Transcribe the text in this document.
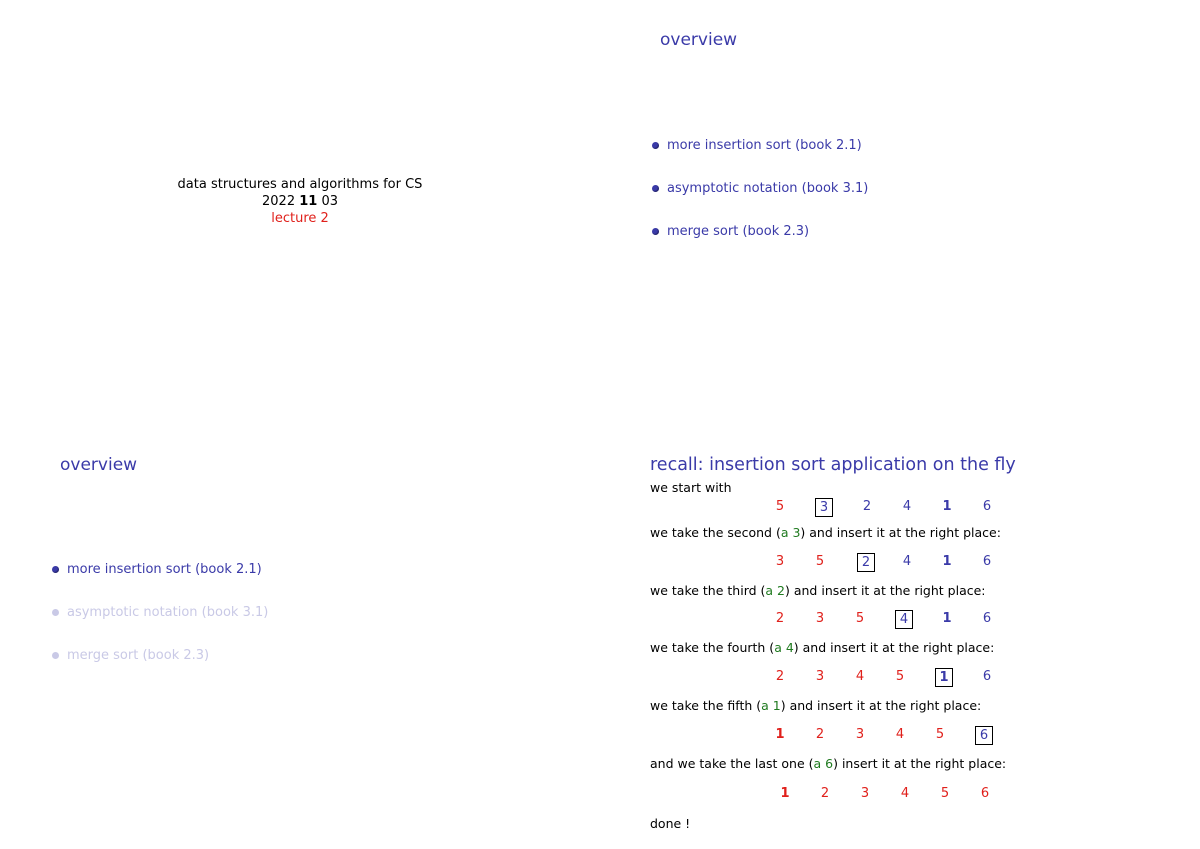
data structures and algorithms for CS
2022 11 03
lecture 2
overview
more insertion sort (book 2.1)
asymptotic notation (book 3.1)
merge sort (book 2.3)
overview
more insertion sort (book 2.1)
asymptotic notation (book 3.1)
merge sort (book 2.3)
recall: insertion sort application on the fly
we start with
5	3	2	4	1	6
we take the second (a 3) and insert it at the right place:
3	5	2	4	1	6
we take the third (a 2) and insert it at the right place:
2	3	5	4	1	6
we take the fourth (a 4) and insert it at the right place:
2	3	4	5	1	6
we take the fifth (a 1) and insert it at the right place:
1	2	3	4	5	6
and we take the last one (a 6) insert it at the right place:
1	2	3	4	5	6
done !
